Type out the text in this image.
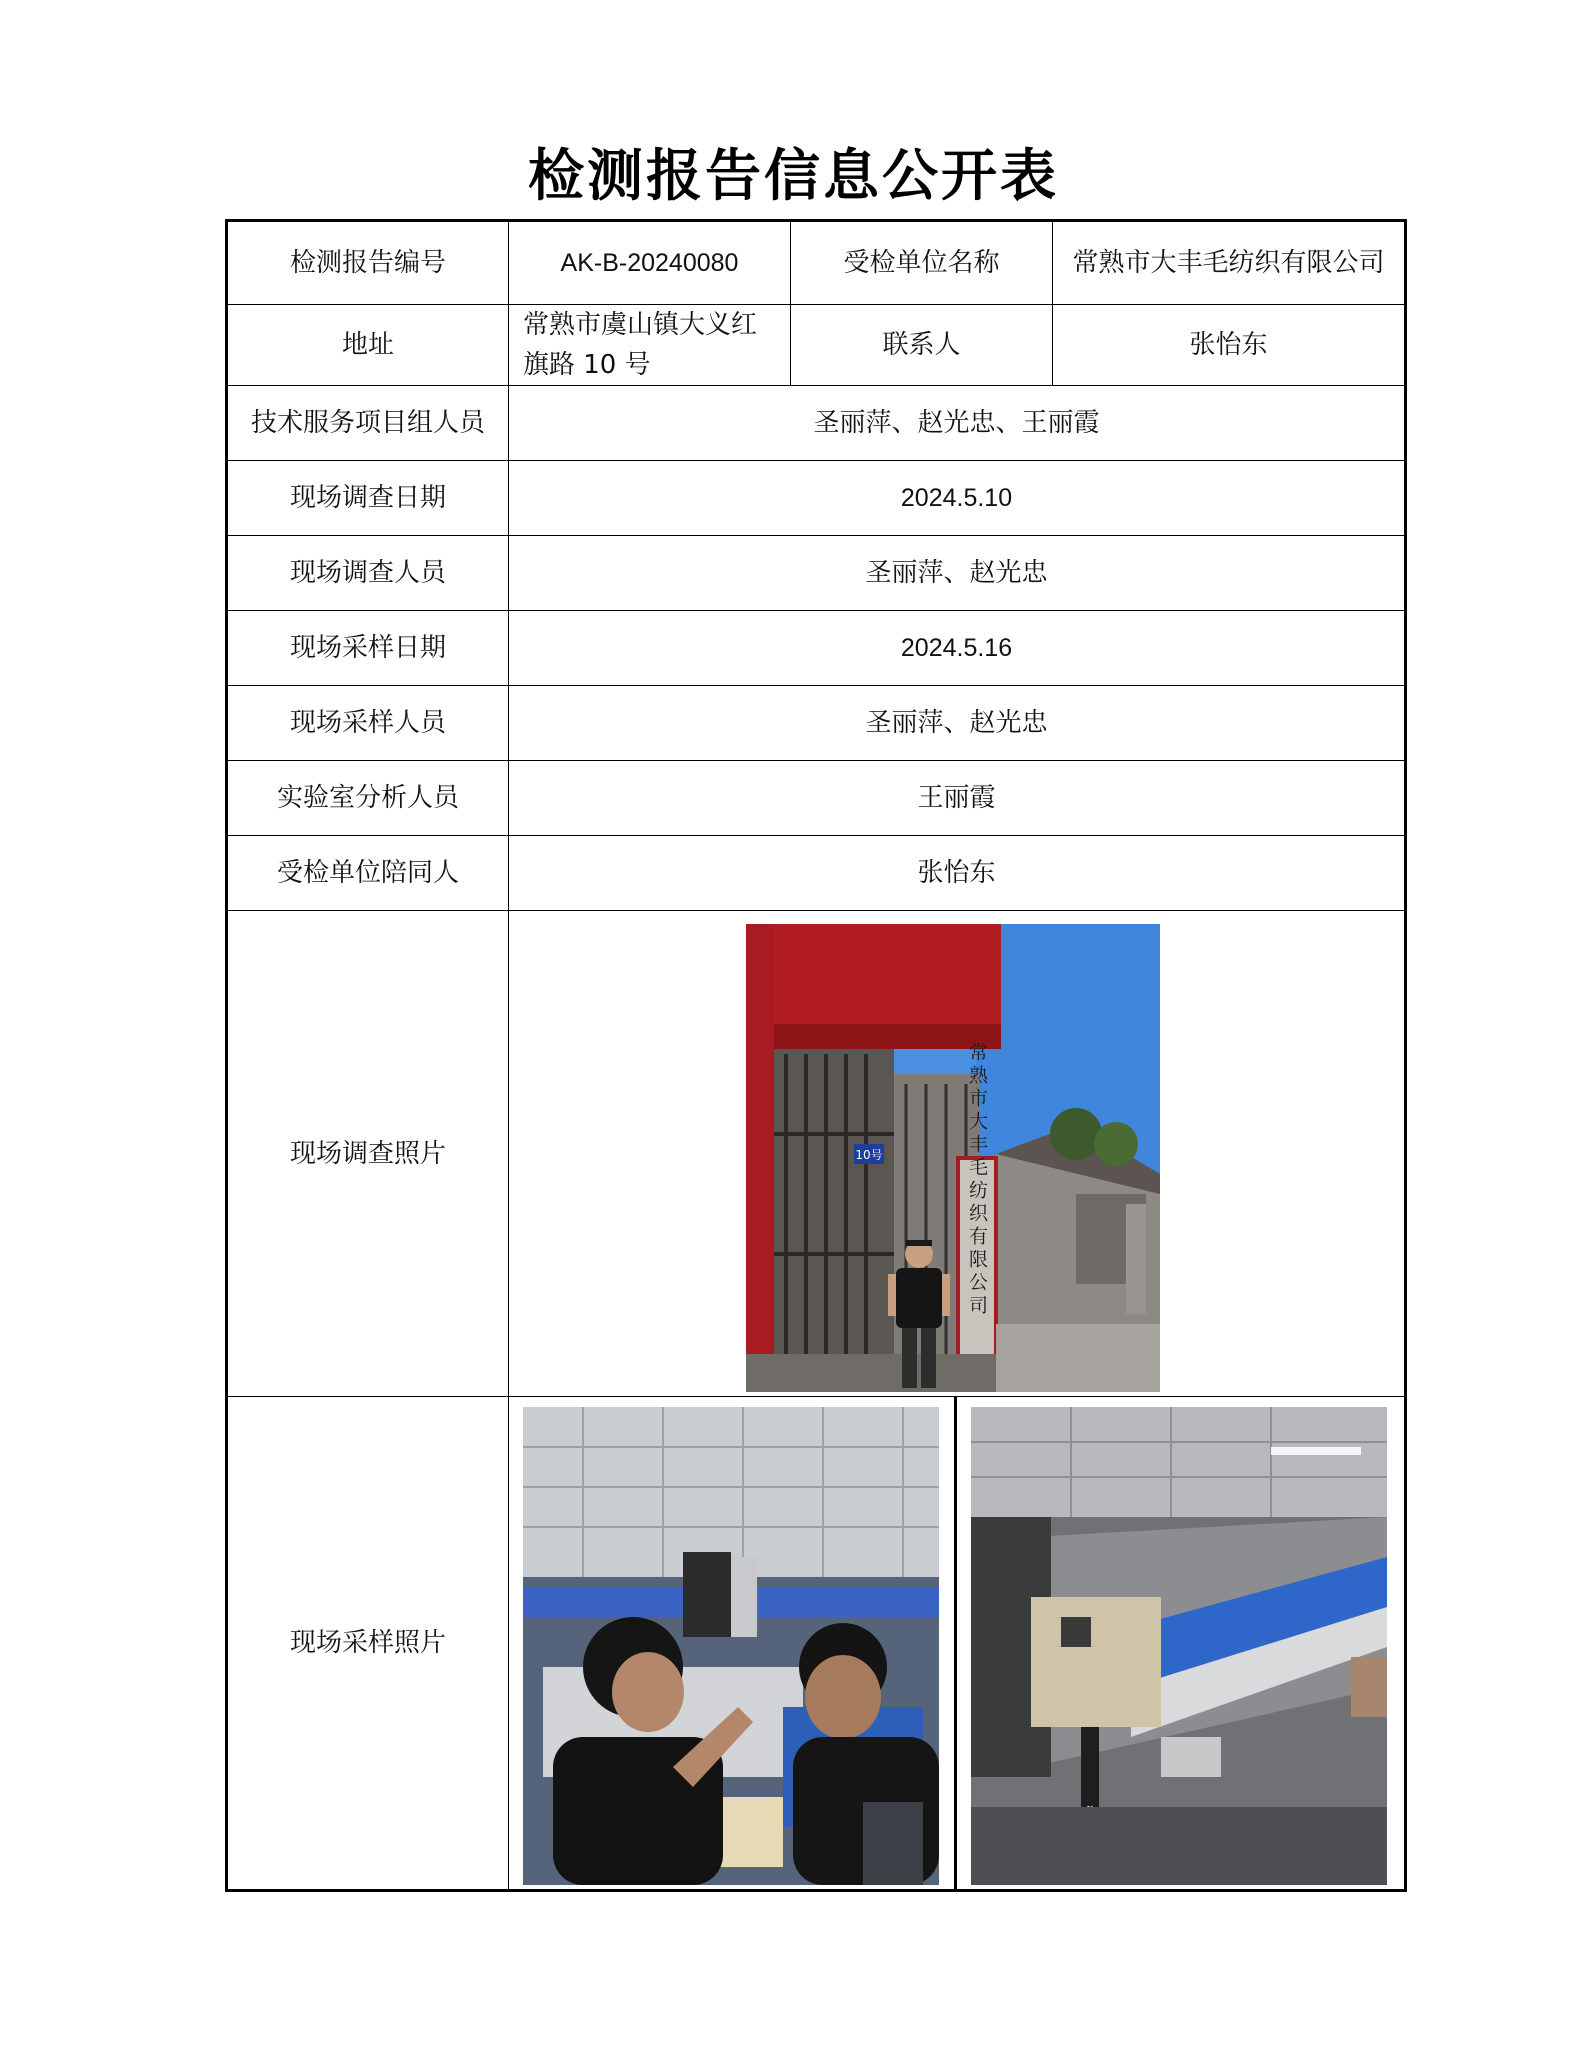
检测报告信息公开表
检测报告编号	AK-B-20240080	受检单位名称	常熟市大丰毛纺织有限公司
地址	常熟市虞山镇大义红旗路 10 号	联系人	张怡东
技术服务项目组人员	圣丽萍、赵光忠、王丽霞		
现场调查日期	2024.5.10		
现场调查人员	圣丽萍、赵光忠		
现场采样日期	2024.5.16		
现场采样人员	圣丽萍、赵光忠		
实验室分析人员	王丽霞		
受检单位陪同人	张怡东		
现场调查照片	10号 常熟市大丰毛纺织有限公司		

现场采样照片	
